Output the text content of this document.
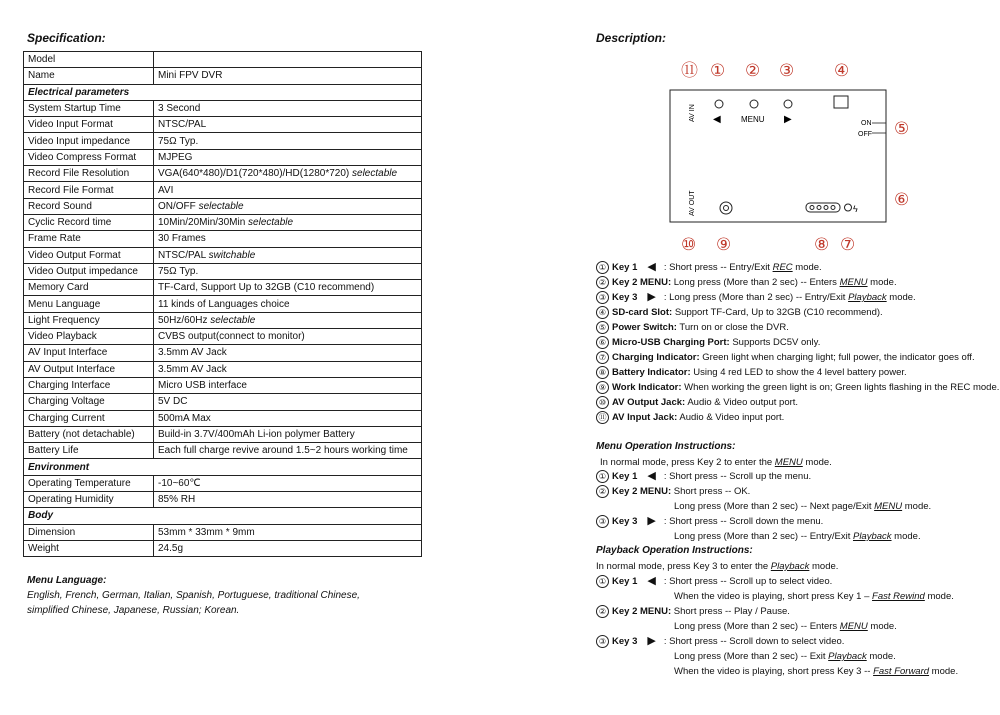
Specification:	Description:
Model	
Name	Mini FPV DVR
Electrical parameters	
System Startup Time	3 Second
Video Input Format	NTSC/PAL
Video Input impedance	75Ω Typ.
Video Compress Format	MJPEG
Record File Resolution	VGA(640*480)/D1(720*480)/HD(1280*720) selectable
Record File Format	AVI
Record Sound	ON/OFF selectable
Cyclic Record time	10Min/20Min/30Min selectable
Frame Rate	30 Frames
Video Output Format	NTSC/PAL switchable
Video Output impedance	75Ω Typ.
Memory Card	TF-Card, Support Up to 32GB (C10 recommend)
Menu Language	11 kinds of Languages choice
Light Frequency	50Hz/60Hz selectable
Video Playback	CVBS output(connect to monitor)
AV Input Interface	3.5mm AV Jack
AV Output Interface	3.5mm AV Jack
Charging Interface	Micro USB interface
Charging Voltage	5V DC
Charging Current	500mA Max
Battery (not detachable)	Build-in 3.7V/400mAh Li-ion polymer Battery
Battery Life	Each full charge revive around 1.5~2 hours working time
Environment	
Operating Temperature	-10~60℃
Operating Humidity	85% RH
Body	
Dimension	53mm * 33mm * 9mm
Weight	24.5g
Menu Language:
English, French, German, Italian, Spanish, Portuguese, traditional Chinese,
simplified Chinese, Japanese, Russian; Korean.
◀	MENU ▶
AV IN
AV OUT
ON
OFF
ϟ
⑪ ① ② ③ ④
⑤
⑥
⑩ ⑨	⑧ ⑦
① Key 1 ◀ : Short press -- Entry/Exit REC mode.
② Key 2 MENU: Long press (More than 2 sec) -- Enters MENU mode.
③ Key 3 ▶ : Long press (More than 2 sec) -- Entry/Exit Playback mode.
④ SD-card Slot: Support TF-Card, Up to 32GB (C10 recommend).
⑤ Power Switch: Turn on or close the DVR.
⑥ Micro-USB Charging Port: Supports DC5V only.
⑦ Charging Indicator: Green light when charging light; full power, the indicator goes off.
⑧ Battery Indicator: Using 4 red LED to show the 4 level battery power.
⑨ Work Indicator: When working the green light is on; Green lights flashing in the REC mode.
⑩ AV Output Jack: Audio & Video output port.
⑪ AV Input Jack: Audio & Video input port.
In normal mode, press Key 2 to enter the MENU mode.
① Key 1 ◀ : Short press -- Scroll up the menu.
② Key 2 MENU: Short press -- OK.
Long press (More than 2 sec) -- Next page/Exit MENU mode.
③ Key 3 ▶ : Short press -- Scroll down the menu.
Long press (More than 2 sec) -- Entry/Exit Playback mode.
In normal mode, press Key 3 to enter the Playback mode.
① Key 1 ◀ : Short press -- Scroll up to select video.
When the video is playing, short press Key 1 – Fast Rewind mode.
② Key 2 MENU: Short press -- Play / Pause.
Long press (More than 2 sec) -- Enters MENU mode.
③ Key 3 ▶ : Short press -- Scroll down to select video.
Long press (More than 2 sec) -- Exit Playback mode.
When the video is playing, short press Key 3 -- Fast Forward mode.
Menu Operation Instructions:
Playback Operation Instructions:
